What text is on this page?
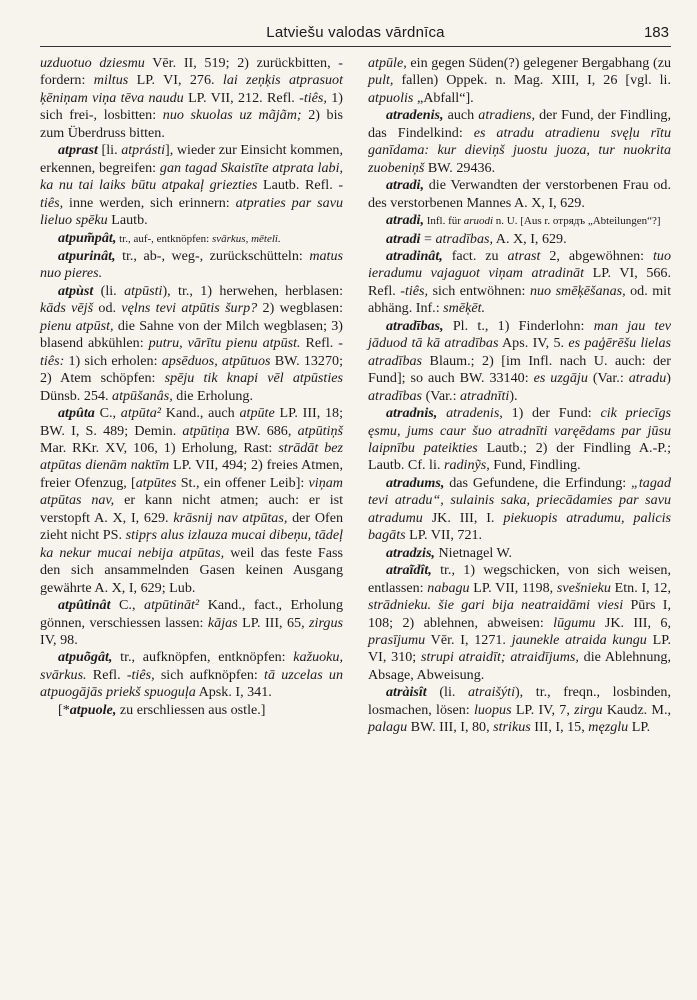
Latviešu valodas vārdnīca	183

uzduotuo dziesmu Vēr. II, 519; 2) zurückbitten, -fordern: miltus LP. VI, 276. lai zeņķis atprasuot ķēniņam viņa tēva naudu LP. VII, 212. Refl. -tiês, 1) sich frei-, losbitten: nuo skuolas uz mãjãm; 2) bis zum Überdruss bitten.

atprast [li. atprásti], wieder zur Einsicht kommen, erkennen, begreifen: gan tagad Skaistīte atprata labi, ka nu tai laiks būtu atpakaļ griezties Lautb. Refl. -tiês, inne werden, sich erinnern: atpraties par savu lieluo spēku Lautb.

atpum̃pât, tr., auf-, entknöpfen: svārkus, mēteli.

atpurinât, tr., ab-, weg-, zurückschütteln: matus nuo pieres.

atpùst (li. atpūsti), tr., 1) herwehen, herblasen: kāds vējš od. vęlns tevi atpūtis šurp? 2) wegblasen: pienu atpūst, die Sahne von der Milch wegblasen; 3) blasend abkühlen: putru, vārītu pienu atpūst. Refl. -tiês: 1) sich erholen: apsēduos, atpūtuos BW. 13270; 2) Atem schöpfen: spēju tik knapi vēl atpūsties Dünsb. 254. atpūšanâs, die Erholung.

atpûta C., atpūta² Kand., auch atpūte LP. III, 18; BW. I, S. 489; Demin. atpūtiņa BW. 686, atpūtiņš Mar. RKr. XV, 106, 1) Erholung, Rast: strādāt bez atpūtas dienām naktīm LP. VII, 494; 2) freies Atmen, freier Ofenzug, [atpūtes St., ein offener Leib]: viņam atpūtas nav, er kann nicht atmen; auch: er ist verstopft A. X, I, 629. krāsnij nav atpūtas, der Ofen zieht nicht PS. stipŗs alus izlauza mucai dibeņu, tādeļ ka nekur mucai nebija atpūtas, weil das feste Fass den sich ansammelnden Gasen keinen Ausgang gewährte A. X, I, 629; Lub.

atpûtinât C., atpūtināt² Kand., fact., Erholung gönnen, verschiessen lassen: kājas LP. III, 65, zirgus IV, 98.

atpuõgât, tr., aufknöpfen, entknöpfen: kažuoku, svārkus. Refl. -tiês, sich aufknöpfen: tā uzcelas un atpuogājās priekš spuoguļa Apsk. I, 341.

[*atpuole, zu erschliessen aus ostle.]

atpūle, ein gegen Süden(?) gelegener Bergabhang (zu pult, fallen) Oppek. n. Mag. XIII, I, 26 [vgl. li. atpuolis „Abfall“].

atradenis, auch atradiens, der Fund, der Findling, das Findelkind: es atradu atradienu svęļu rītu ganīdama: kur dieviņš juostu juoza, tur nuokrita zuobeniņš BW. 29436.

atradi, die Verwandten der verstorbenen Frau od. des verstorbenen Mannes A. X, I, 629.

atradi, Infl. für aruodi n. U. [Aus r. отрядъ „Abteilungen“?]

atradi = atradības, A. X, I, 629.

atradinât, fact. zu atrast 2, abgewöhnen: tuo ieradumu vajaguot viņam atradināt LP. VI, 566. Refl. -tiês, sich entwöhnen: nuo smēķēšanas, od. mit abhäng. Inf.: smēķēt.

atradības, Pl. t., 1) Finderlohn: man jau tev jāduod tā kā atradības Aps. IV, 5. es paģērēšu lielas atradības Blaum.; 2) [im Infl. nach U. auch: der Fund]; so auch BW. 33140: es uzgāju (Var.: atradu) atradības (Var.: atradnīti).

atradnis, atradenis, 1) der Fund: cik priecīgs ęsmu, jums caur šuo atradnīti varęēdams par jūsu laipnību pateikties Lautb.; 2) der Findling A.-P.; Lautb. Cf. li. radinỹs, Fund, Findling.

atradums, das Gefundene, die Erfindung: „tagad tevi atradu“, sulainis saka, priecādamies par savu atradumu JK. III, I. piekuopis atradumu, palicis bagāts LP. VII, 721.

atradzis, Nietnagel W.

atraĩdît, tr., 1) wegschicken, von sich weisen, entlassen: nabagu LP. VII, 1198, svešnieku Etn. I, 12, strādnieku. šie gari bija neatraidāmi viesi Pūrs I, 108; 2) ablehnen, abweisen: lūgumu JK. III, 6, prasījumu Vēr. I, 1271. jaunekle atraida kungu LP. VI, 310; strupi atraidīt; atraidījums, die Ablehnung, Absage, Abweisung.

atràisît (li. atraišýti), tr., freqn., losbinden, losmachen, lösen: luopus LP. IV, 7, zirgu Kaudz. M., palagu BW. III, I, 80, strikus III, I, 15, męzglu LP.
